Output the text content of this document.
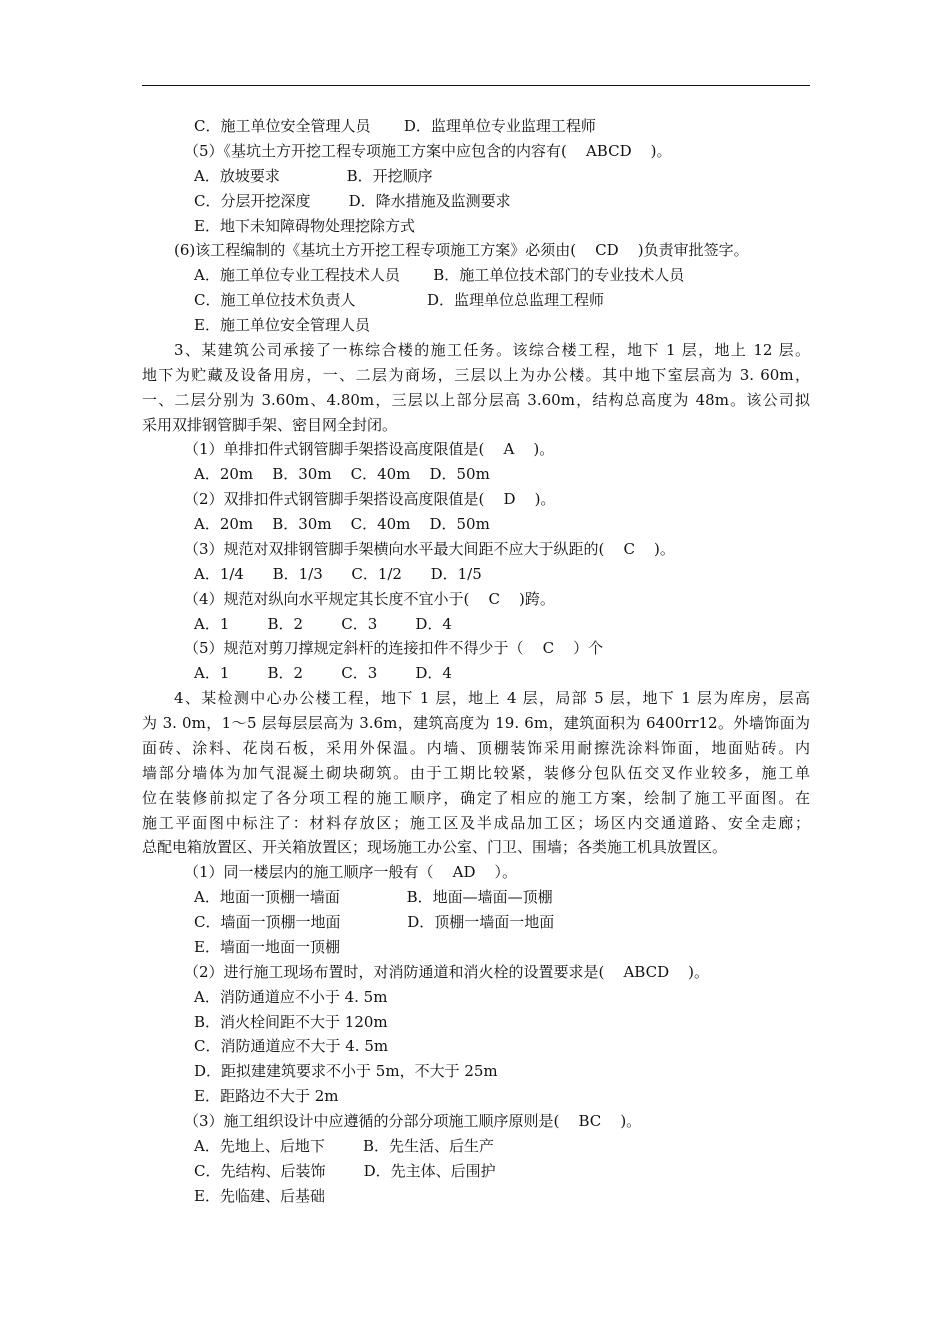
C．施工单位安全管理人员       D．监理单位专业监理工程师
（5）《基坑土方开挖工程专项施工方案中应包含的内容有(    ABCD    )。
A．放坡要求              B．开挖顺序
C．分层开挖深度        D．降水措施及监测要求
E．地下未知障碍物处理挖除方式
(6)该工程编制的《基坑土方开挖工程专项施工方案》必须由(    CD    )负责审批签字。
A．施工单位专业工程技术人员       B．施工单位技术部门的专业技术人员
C．施工单位技术负责人               D．监理单位总监理工程师
E．施工单位安全管理人员
3、某建筑公司承接了一栋综合楼的施工任务。该综合楼工程，地下 1 层，地上 12 层。
地下为贮藏及设备用房，一、二层为商场，三层以上为办公楼。其中地下室层高为 3. 60m，
一、二层分别为 3.60m、4.80m，三层以上部分层高 3.60m，结构总高度为 48m。该公司拟
采用双排钢管脚手架、密目网全封闭。
（1）单排扣件式钢管脚手架搭设高度限值是(    A    )。
A．20m    B．30m    C．40m    D．50m
（2）双排扣件式钢管脚手架搭设高度限值是(    D    )。
A．20m    B．30m    C．40m    D．50m
（3）规范对双排钢管脚手架横向水平最大间距不应大于纵距的(    C    )。
A．1/4      B．1/3      C．1/2      D．1/5
（4）规范对纵向水平规定其长度不宜小于(    C    )跨。
A．1        B．2        C．3        D．4
（5）规范对剪刀撑规定斜杆的连接扣件不得少于（    C    ）个
A．1        B．2        C．3        D．4
4、某检测中心办公楼工程，地下 1 层，地上 4 层，局部 5 层，地下 1 层为库房，层高
为 3. 0m，1～5 层每层层高为 3.6m，建筑高度为 19. 6m，建筑面积为 6400rr12。外墙饰面为
面砖、涂料、花岗石板，采用外保温。内墙、顶棚装饰采用耐擦洗涂料饰面，地面贴砖。内
墙部分墙体为加气混凝土砌块砌筑。由于工期比较紧，装修分包队伍交叉作业较多，施工单
位在装修前拟定了各分项工程的施工顺序，确定了相应的施工方案，绘制了施工平面图。在
施工平面图中标注了：材料存放区；施工区及半成品加工区；场区内交通道路、安全走廊；
总配电箱放置区、开关箱放置区；现场施工办公室、门卫、围墙；各类施工机具放置区。
（1）同一楼层内的施工顺序一般有（    AD    ）。
A．地面一顶棚一墙面              B．地面—墙面—顶棚
C．墙面一顶棚一地面              D．顶棚一墙面一地面
E．墙面一地面一顶棚
（2）进行施工现场布置时，对消防通道和消火栓的设置要求是(    ABCD    )。
A．消防通道应不小于 4. 5m
B．消火栓间距不大于 120m
C．消防通道应不大于 4. 5m
D．距拟建建筑要求不小于 5m，不大于 25m
E．距路边不大于 2m
（3）施工组织设计中应遵循的分部分项施工顺序原则是(    BC    )。
A．先地上、后地下        B．先生活、后生产
C．先结构、后装饰        D．先主体、后围护
E．先临建、后基础
